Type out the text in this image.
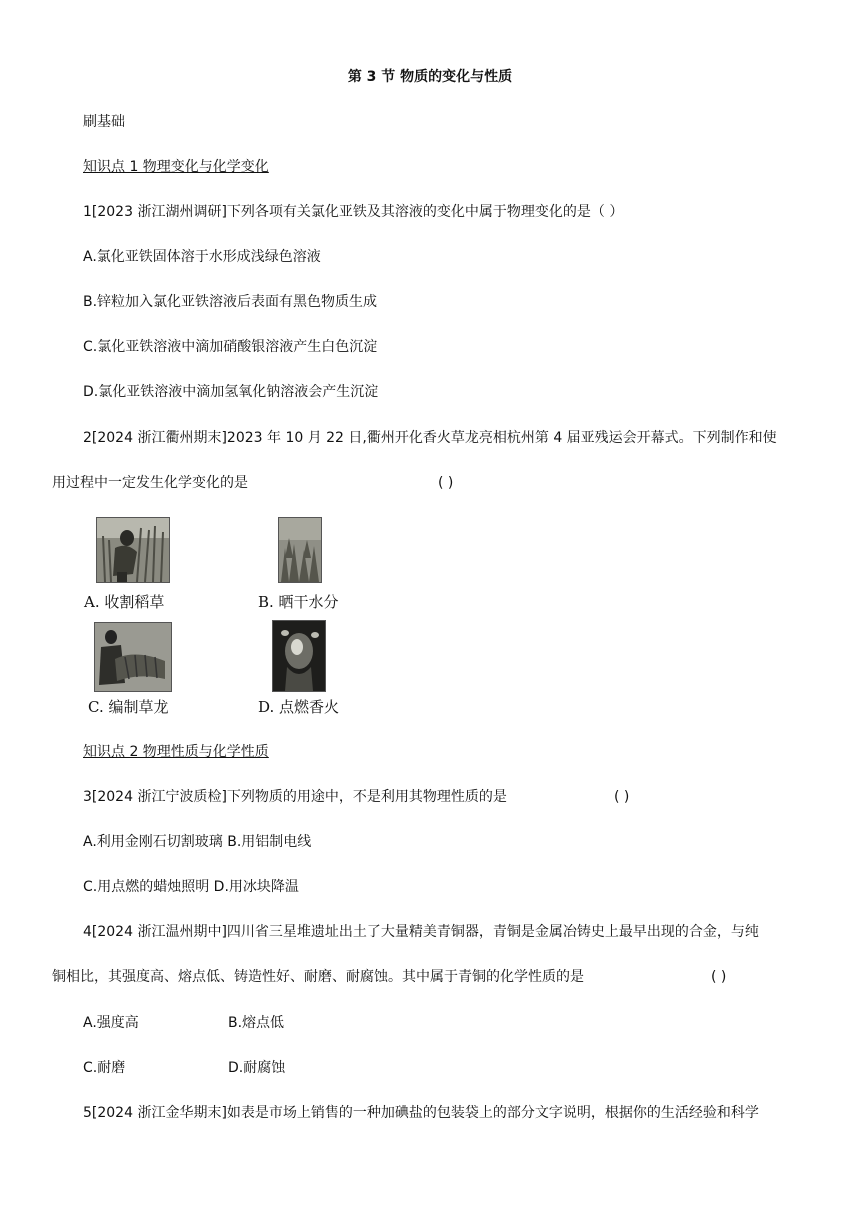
第 3 节 物质的变化与性质
刷基础
知识点 1 物理变化与化学变化
1[2023 浙江湖州调研]下列各项有关氯化亚铁及其溶液的变化中属于物理变化的是（ ）
A.氯化亚铁固体溶于水形成浅绿色溶液
B.锌粒加入氯化亚铁溶液后表面有黑色物质生成
C.氯化亚铁溶液中滴加硝酸银溶液产生白色沉淀
D.氯化亚铁溶液中滴加氢氧化钠溶液会产生沉淀
2[2024 浙江衢州期末]2023 年 10 月 22 日,衢州开化香火草龙亮相杭州第 4 届亚残运会开幕式。下列制作和使
用过程中一定发生化学变化的是	( )
A. 收割稻草	B. 晒干水分
C. 编制草龙	D. 点燃香火
知识点 2 物理性质与化学性质
3[2024 浙江宁波质检]下列物质的用途中，不是利用其物理性质的是	( )
A.利用金刚石切割玻璃 B.用铝制电线
C.用点燃的蜡烛照明 D.用冰块降温
4[2024 浙江温州期中]四川省三星堆遗址出土了大量精美青铜器，青铜是金属冶铸史上最早出现的合金，与纯
铜相比，其强度高、熔点低、铸造性好、耐磨、耐腐蚀。其中属于青铜的化学性质的是	( )
A.强度高	B.熔点低
C.耐磨	D.耐腐蚀
5[2024 浙江金华期末]如表是市场上销售的一种加碘盐的包装袋上的部分文字说明，根据你的生活经验和科学
